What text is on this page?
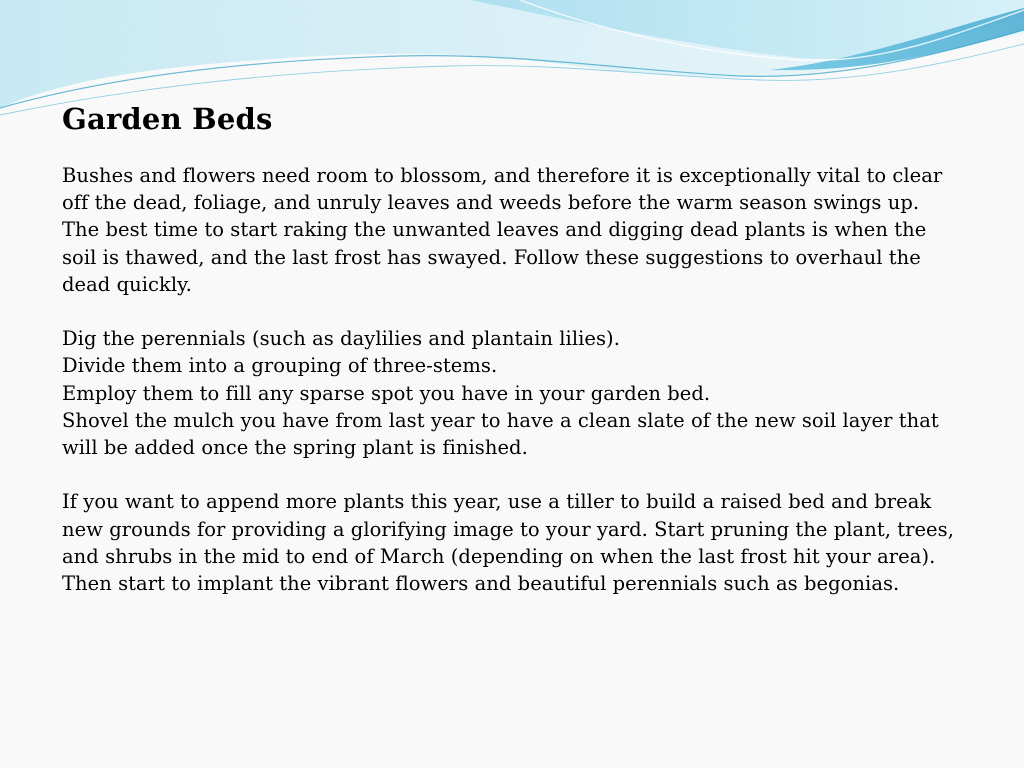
Garden Beds

Bushes and flowers need room to blossom, and therefore it is exceptionally vital to clear
off the dead, foliage, and unruly leaves and weeds before the warm season swings up.
The best time to start raking the unwanted leaves and digging dead plants is when the
soil is thawed, and the last frost has swayed. Follow these suggestions to overhaul the
dead quickly.

Dig the perennials (such as daylilies and plantain lilies).
Divide them into a grouping of three-stems.
Employ them to fill any sparse spot you have in your garden bed.
Shovel the mulch you have from last year to have a clean slate of the new soil layer that
will be added once the spring plant is finished.

If you want to append more plants this year, use a tiller to build a raised bed and break
new grounds for providing a glorifying image to your yard. Start pruning the plant, trees,
and shrubs in the mid to end of March (depending on when the last frost hit your area).
Then start to implant the vibrant flowers and beautiful perennials such as begonias.
